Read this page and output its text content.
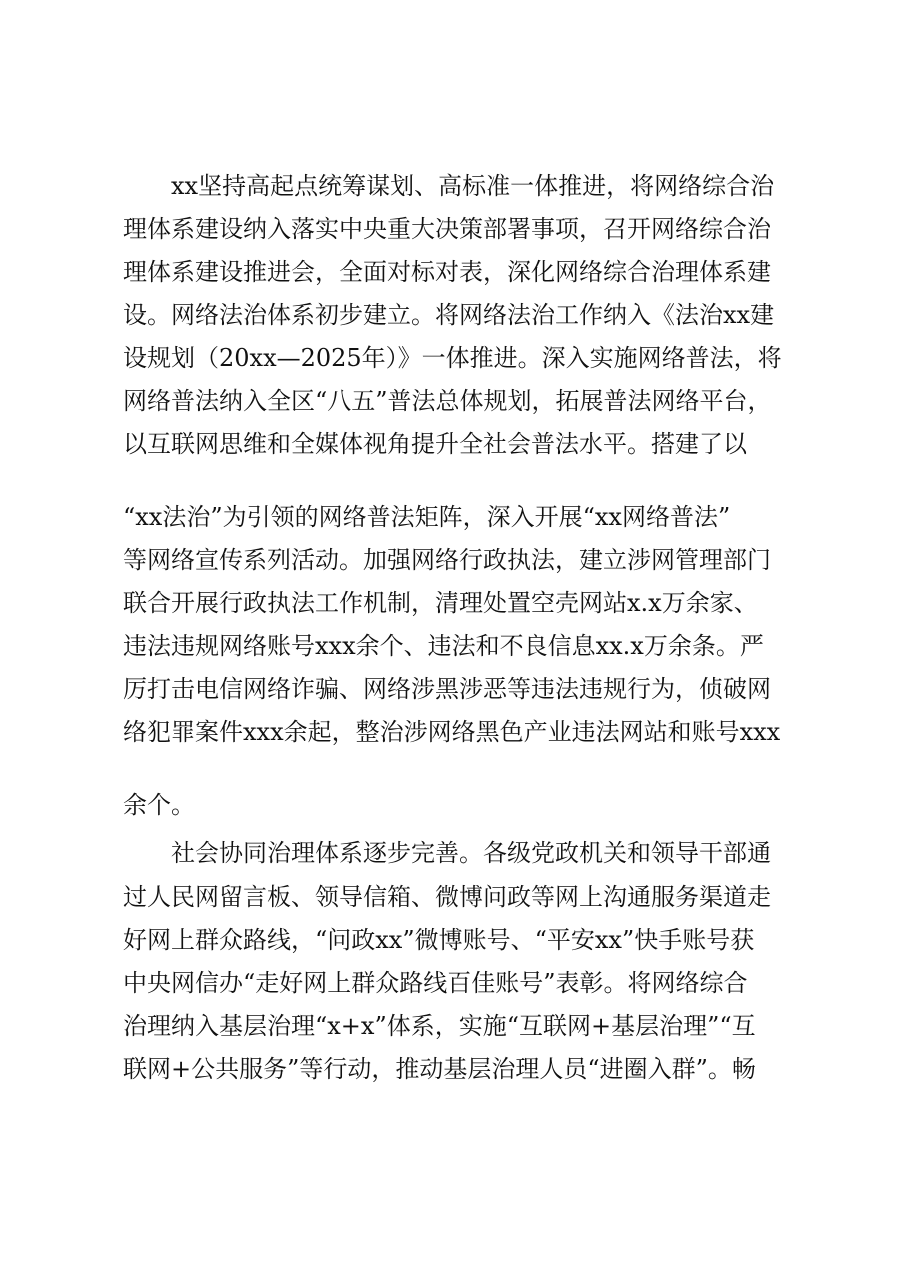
xx坚持高起点统筹谋划、高标准一体推进，将网络综合治
理体系建设纳入落实中央重大决策部署事项，召开网络综合治
理体系建设推进会，全面对标对表，深化网络综合治理体系建
设。网络法治体系初步建立。将网络法治工作纳入《法治xx建
设规划（20xx—2025年）》一体推进。深入实施网络普法，将
网络普法纳入全区“八五”普法总体规划，拓展普法网络平台，
以互联网思维和全媒体视角提升全社会普法水平。搭建了以
“xx法治”为引领的网络普法矩阵，深入开展“xx网络普法”
等网络宣传系列活动。加强网络行政执法，建立涉网管理部门
联合开展行政执法工作机制，清理处置空壳网站x.x万余家、
违法违规网络账号xxx余个、违法和不良信息xx.x万余条。严
厉打击电信网络诈骗、网络涉黑涉恶等违法违规行为，侦破网
络犯罪案件xxx余起，整治涉网络黑色产业违法网站和账号xxx
余个。
社会协同治理体系逐步完善。各级党政机关和领导干部通
过人民网留言板、领导信箱、微博问政等网上沟通服务渠道走
好网上群众路线，“问政xx”微博账号、“平安xx”快手账号获
中央网信办“走好网上群众路线百佳账号”表彰。将网络综合
治理纳入基层治理“x+x”体系，实施“互联网+基层治理”“互
联网+公共服务”等行动，推动基层治理人员“进圈入群”。畅
